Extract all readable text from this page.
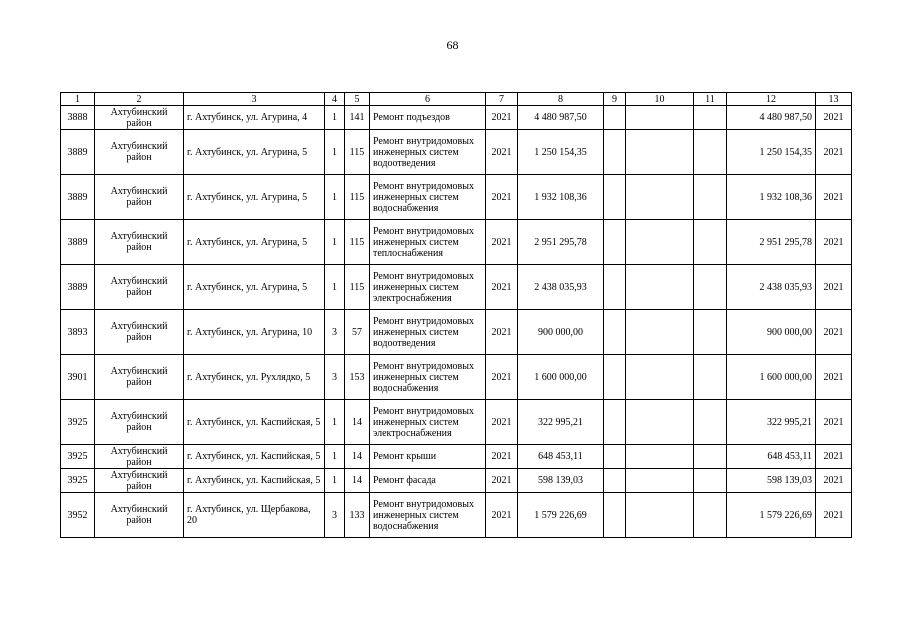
68
1	2	3	4	5	6	7	8	9	10	11	12	13
3888	Ахтубинский район	г. Ахтубинск, ул. Агурина, 4	1	141	Ремонт подъездов	2021	4 480 987,50				4 480 987,50	2021
3889	Ахтубинский район	г. Ахтубинск, ул. Агурина, 5	1	115	Ремонт внутридомовых инженерных систем водоотведения	2021	1 250 154,35				1 250 154,35	2021
3889	Ахтубинский район	г. Ахтубинск, ул. Агурина, 5	1	115	Ремонт внутридомовых инженерных систем водоснабжения	2021	1 932 108,36				1 932 108,36	2021
3889	Ахтубинский район	г. Ахтубинск, ул. Агурина, 5	1	115	Ремонт внутридомовых инженерных систем теплоснабжения	2021	2 951 295,78				2 951 295,78	2021
3889	Ахтубинский район	г. Ахтубинск, ул. Агурина, 5	1	115	Ремонт внутридомовых инженерных систем электроснабжения	2021	2 438 035,93				2 438 035,93	2021
3893	Ахтубинский район	г. Ахтубинск, ул. Агурина, 10	3	57	Ремонт внутридомовых инженерных систем водоотведения	2021	900 000,00				900 000,00	2021
3901	Ахтубинский район	г. Ахтубинск, ул. Рухлядко, 5	3	153	Ремонт внутридомовых инженерных систем водоснабжения	2021	1 600 000,00				1 600 000,00	2021
3925	Ахтубинский район	г. Ахтубинск, ул. Каспийская, 5	1	14	Ремонт внутридомовых инженерных систем электроснабжения	2021	322 995,21				322 995,21	2021
3925	Ахтубинский район	г. Ахтубинск, ул. Каспийская, 5	1	14	Ремонт крыши	2021	648 453,11				648 453,11	2021
3925	Ахтубинский район	г. Ахтубинск, ул. Каспийская, 5	1	14	Ремонт фасада	2021	598 139,03				598 139,03	2021
3952	Ахтубинский район	г. Ахтубинск, ул. Щербакова, 20	3	133	Ремонт внутридомовых инженерных систем водоснабжения	2021	1 579 226,69				1 579 226,69	2021
